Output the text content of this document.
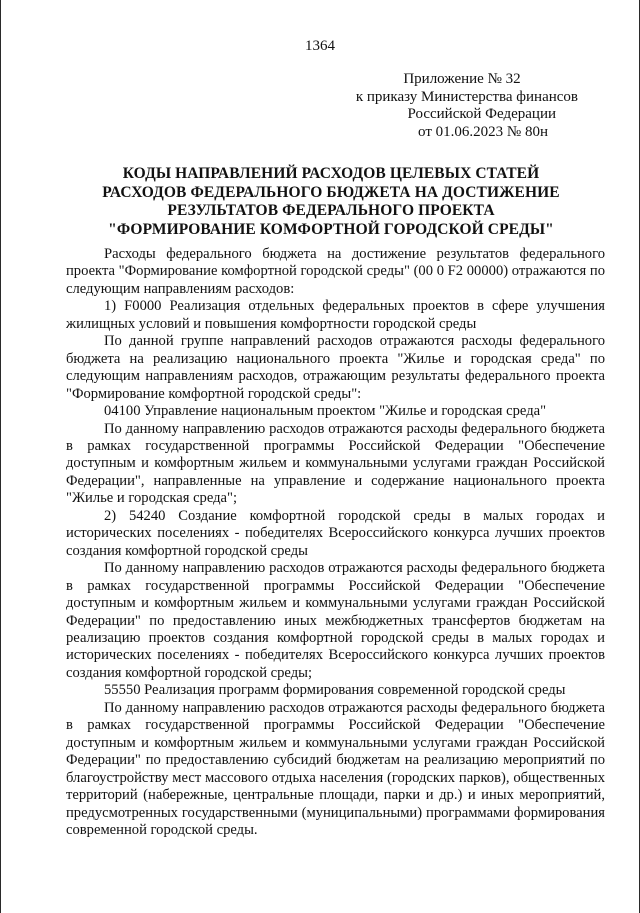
1364
Приложение № 32
к приказу Министерства финансов
Российской Федерации
от 01.06.2023 № 80н
КОДЫ НАПРАВЛЕНИЙ РАСХОДОВ ЦЕЛЕВЫХ СТАТЕЙ
РАСХОДОВ ФЕДЕРАЛЬНОГО БЮДЖЕТА НА ДОСТИЖЕНИЕ
РЕЗУЛЬТАТОВ ФЕДЕРАЛЬНОГО ПРОЕКТА
"ФОРМИРОВАНИЕ КОМФОРТНОЙ ГОРОДСКОЙ СРЕДЫ"

Расходы федерального бюджета на достижение результатов федерального проекта "Формирование комфортной городской среды" (00 0 F2 00000) отражаются по следующим направлениям расходов:

1) F0000 Реализация отдельных федеральных проектов в сфере улучшения жилищных условий и повышения комфортности городской среды

По данной группе направлений расходов отражаются расходы федерального бюджета на реализацию национального проекта "Жилье и городская среда" по следующим направлениям расходов, отражающим результаты федерального проекта "Формирование комфортной городской среды":

04100 Управление национальным проектом "Жилье и городская среда"

По данному направлению расходов отражаются расходы федерального бюджета в рамках государственной программы Российской Федерации "Обеспечение доступным и комфортным жильем и коммунальными услугами граждан Российской Федерации", направленные на управление и содержание национального проекта "Жилье и городская среда";

2) 54240 Создание комфортной городской среды в малых городах и исторических поселениях - победителях Всероссийского конкурса лучших проектов создания комфортной городской среды

По данному направлению расходов отражаются расходы федерального бюджета в рамках государственной программы Российской Федерации "Обеспечение доступным и комфортным жильем и коммунальными услугами граждан Российской Федерации" по предоставлению иных межбюджетных трансфертов бюджетам на реализацию проектов создания комфортной городской среды в малых городах и исторических поселениях - победителях Всероссийского конкурса лучших проектов создания комфортной городской среды;

55550 Реализация программ формирования современной городской среды

По данному направлению расходов отражаются расходы федерального бюджета в рамках государственной программы Российской Федерации "Обеспечение доступным и комфортным жильем и коммунальными услугами граждан Российской Федерации" по предоставлению субсидий бюджетам на реализацию мероприятий по благоустройству мест массового отдыха населения (городских парков), общественных территорий (набережные, центральные площади, парки и др.) и иных мероприятий, предусмотренных государственными (муниципальными) программами формирования современной городской среды.
